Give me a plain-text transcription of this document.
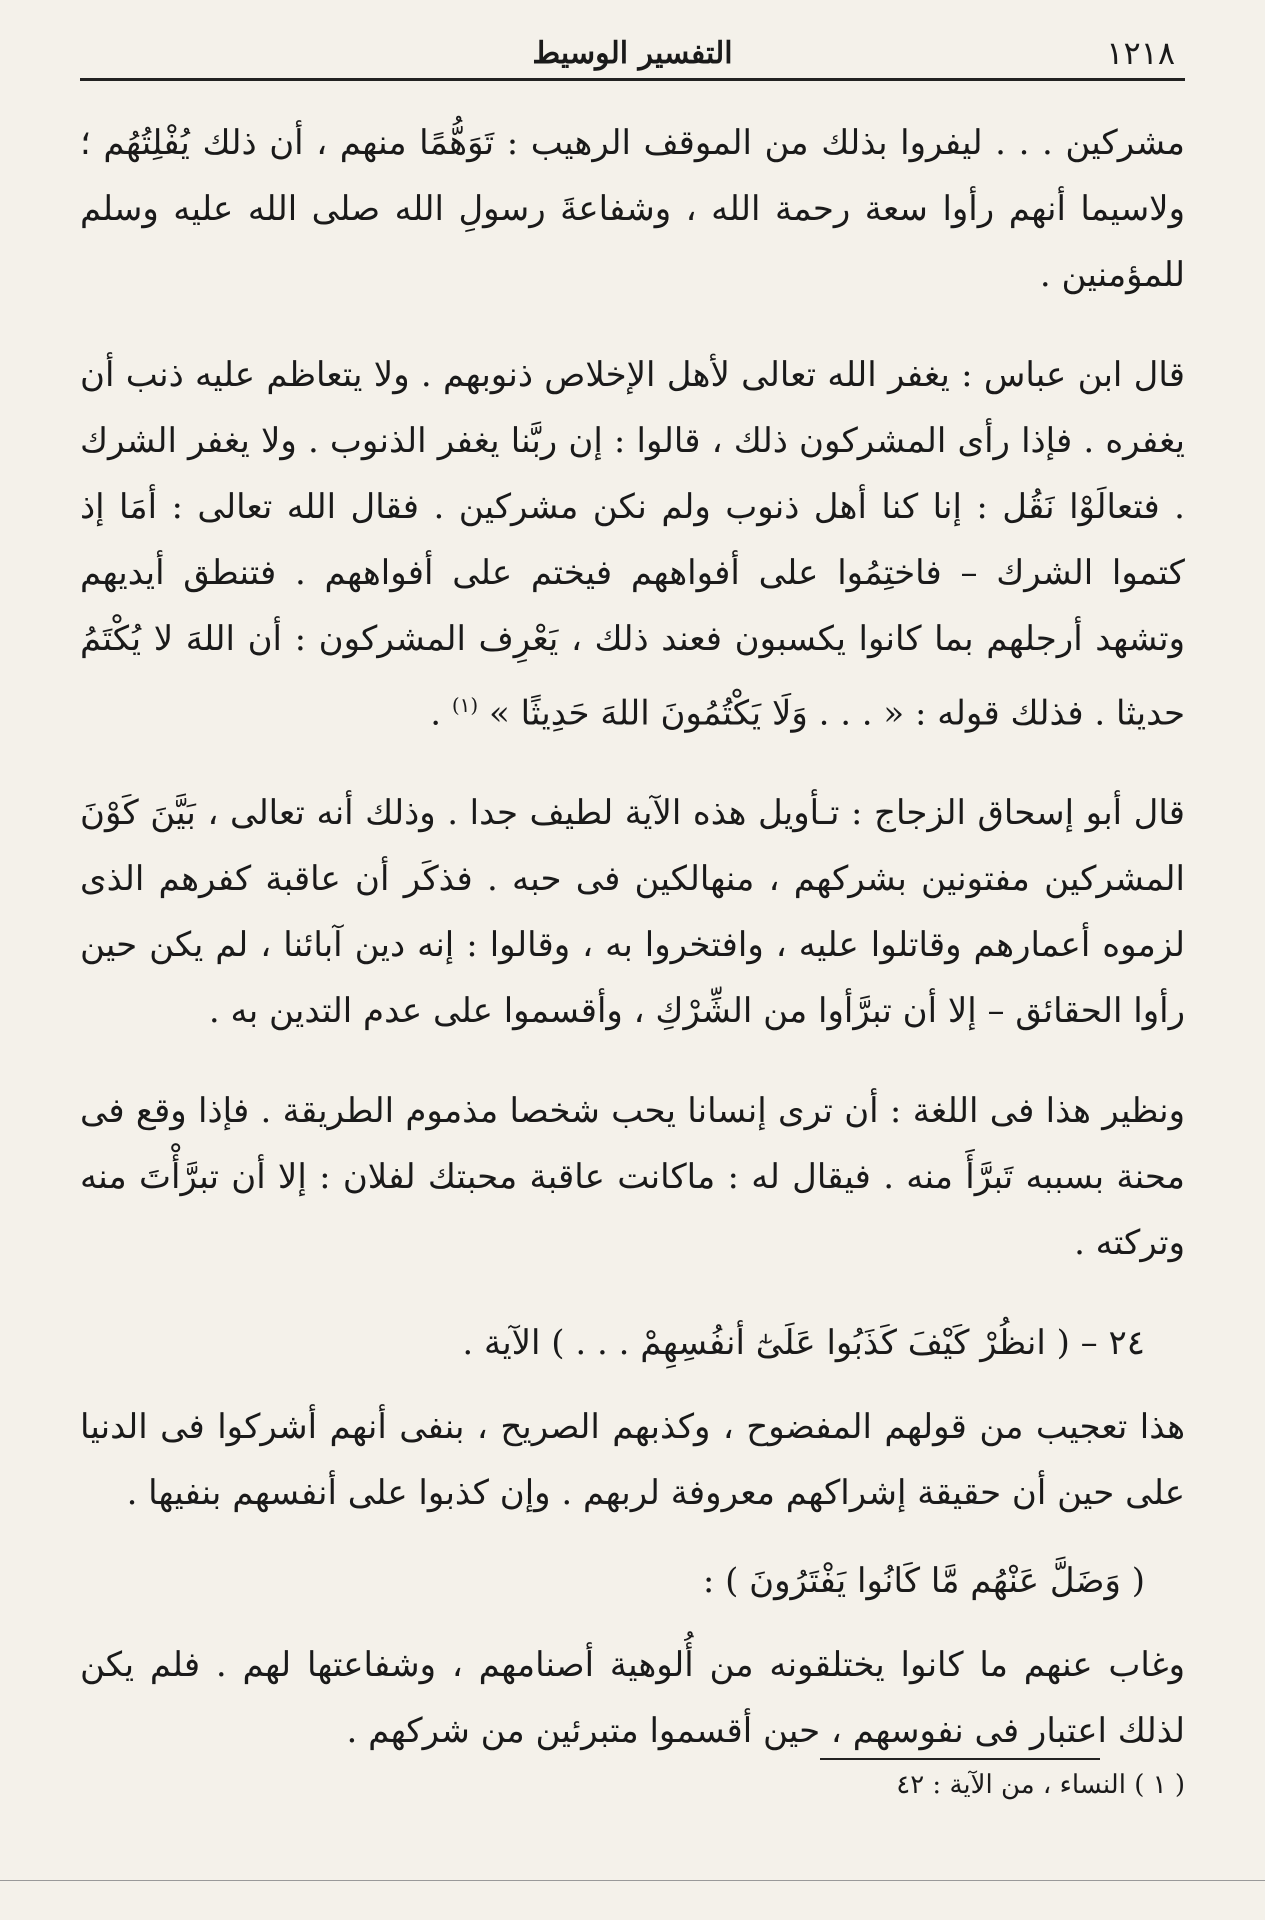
التفسير الوسيط	١٢١٨

مشركين . . . ليفروا بذلك من الموقف الرهيب : تَوَهُّمًا منهم ، أن ذلك يُفْلِتُهُم ؛ ولاسيما أنهم رأوا سعة رحمة الله ، وشفاعةَ رسولِ الله صلى الله عليه وسلم للمؤمنين .

قال ابن عباس : يغفر الله تعالى لأهل الإخلاص ذنوبهم . ولا يتعاظم عليه ذنب أن يغفره . فإذا رأى المشركون ذلك ، قالوا : إن ربَّنا يغفر الذنوب . ولا يغفر الشرك . فتعالَوْا نَقُل : إنا كنا أهل ذنوب ولم نكن مشركين . فقال الله تعالى : أمَا إذ كتموا الشرك – فاختِمُوا على أفواههم فيختم على أفواههم . فتنطق أيديهم وتشهد أرجلهم بما كانوا يكسبون فعند ذلك ، يَعْرِف المشركون : أن اللهَ لا يُكْتَمُ حديثا . فذلك قوله : « . . . وَلَا يَكْتُمُونَ اللهَ حَدِيثًا » $^{(١)}$ .

قال أبو إسحاق الزجاج : تـأويل هذه الآية لطيف جدا . وذلك أنه تعالى ، بَيَّنَ كَوْنَ المشركين مفتونين بشركهم ، منهالكين فى حبه . فذكَر أن عاقبة كفرهم الذى لزموه أعمارهم وقاتلوا عليه ، وافتخروا به ، وقالوا : إنه دين آبائنا ، لم يكن حين رأوا الحقائق – إلا أن تبرَّأوا من الشِّرْكِ ، وأقسموا على عدم التدين به .

ونظير هذا فى اللغة : أن ترى إنسانا يحب شخصا مذموم الطريقة . فإذا وقع فى محنة بسببه تَبرَّأَ منه . فيقال له : ماكانت عاقبة محبتك لفلان : إلا أن تبرَّأْتَ منه وتركته .

٢٤ – ( انظُرْ كَيْفَ كَذَبُوا عَلَىٰٓ أنفُسِهِمْ . . . ) الآية .

هذا تعجيب من قولهم المفضوح ، وكذبهم الصريح ، بنفى أنهم أشركوا فى الدنيا على حين أن حقيقة إشراكهم معروفة لربهم . وإن كذبوا على أنفسهم بنفيها .

( وَضَلَّ عَنْهُم مَّا كَانُوا يَفْتَرُونَ ) :

وغاب عنهم ما كانوا يختلقونه من أُلوهية أصنامهم ، وشفاعتها لهم . فلم يكن لذلك اعتبار فى نفوسهم ، حين أقسموا متبرئين من شركهم .

( ١ ) النساء ، من الآية : ٤٢
